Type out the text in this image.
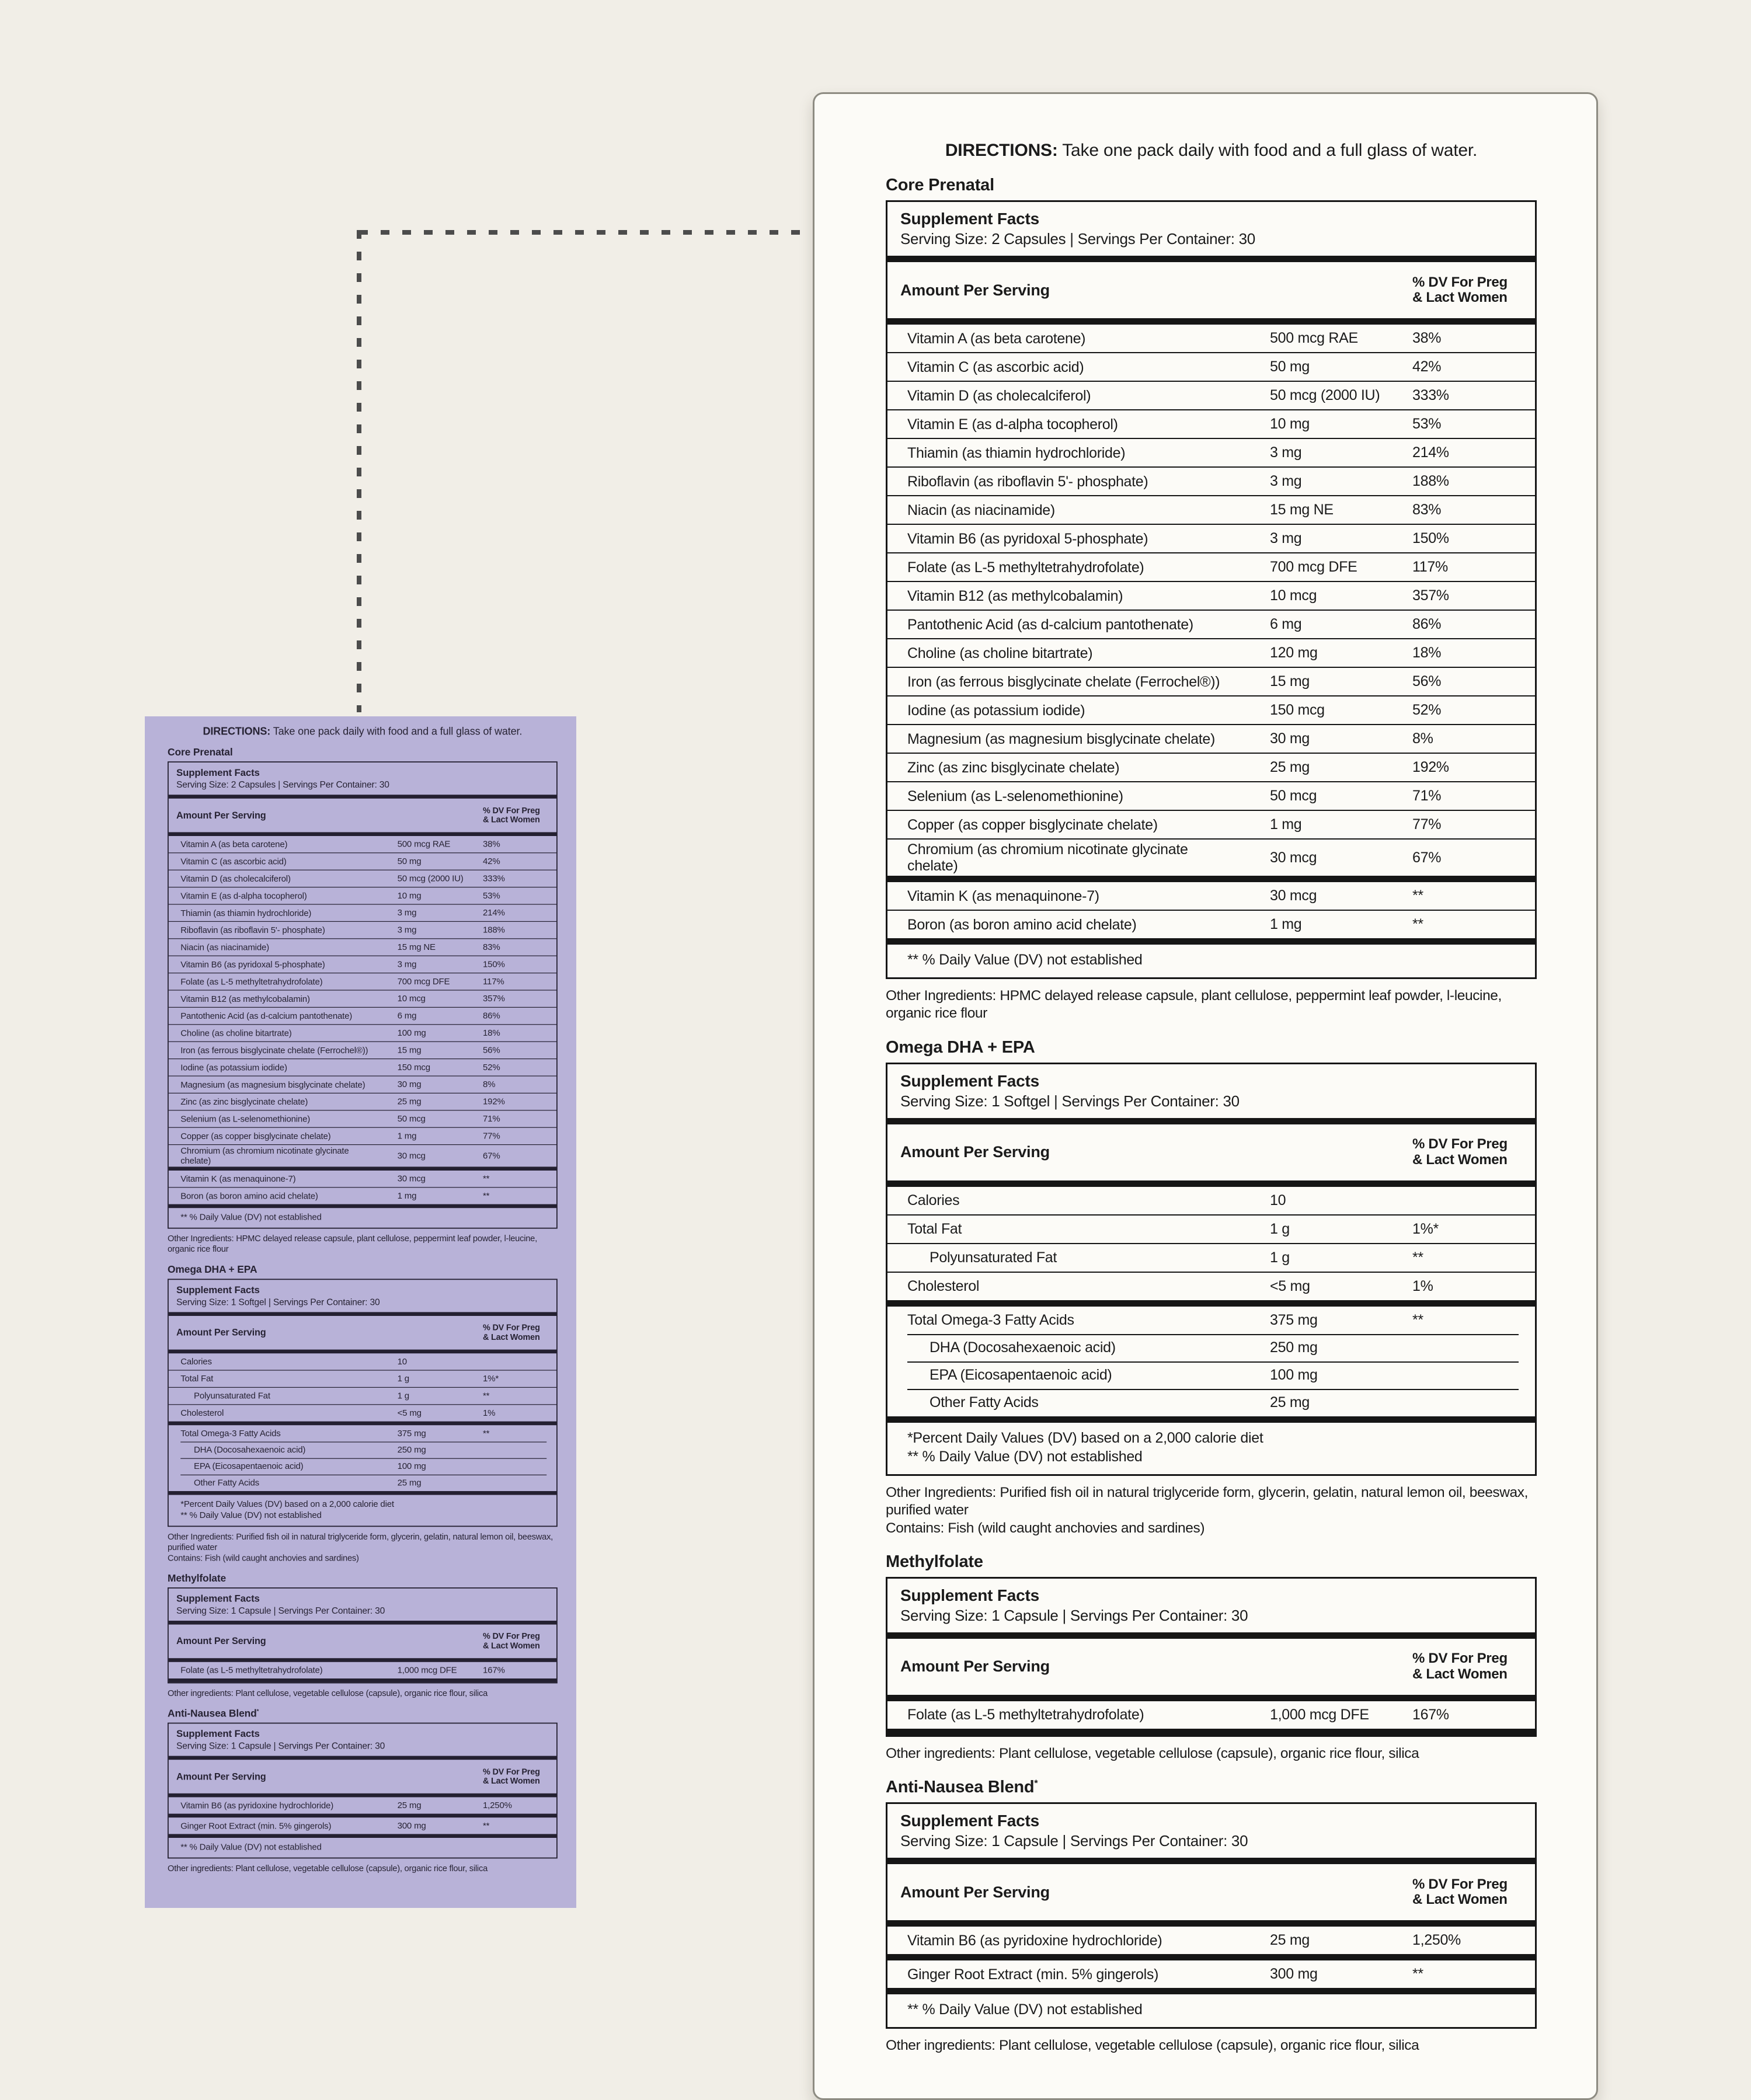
DIRECTIONS: Take one pack daily with food and a full glass of water.
Core Prenatal
Supplement Facts
Serving Size: 2 Capsules | Servings Per Container: 30
Amount Per Serving	% DV For Preg
& Lact Women
Vitamin A (as beta carotene)	500 mcg RAE	38%
Vitamin C (as ascorbic acid)	50 mg	42%
Vitamin D (as cholecalciferol)	50 mcg (2000 IU)	333%
Vitamin E (as d-alpha tocopherol)	10 mg	53%
Thiamin (as thiamin hydrochloride)	3 mg	214%
Riboflavin (as riboflavin 5'- phosphate)	3 mg	188%
Niacin (as niacinamide)	15 mg NE	83%
Vitamin B6 (as pyridoxal 5-phosphate)	3 mg	150%
Folate (as L-5 methyltetrahydrofolate)	700 mcg DFE	117%
Vitamin B12 (as methylcobalamin)	10 mcg	357%
Pantothenic Acid (as d-calcium pantothenate)	6 mg	86%
Choline (as choline bitartrate)	100 mg	18%
Iron (as ferrous bisglycinate chelate (Ferrochel®))	15 mg	56%
Iodine (as potassium iodide)	150 mcg	52%
Magnesium (as magnesium bisglycinate chelate)	30 mg	8%
Zinc (as zinc bisglycinate chelate)	25 mg	192%
Selenium (as L-selenomethionine)	50 mcg	71%
Copper (as copper bisglycinate chelate)	1 mg	77%
Chromium (as chromium nicotinate glycinate
chelate)
30 mcg	67%
Vitamin K (as menaquinone-7)	30 mcg	**
Boron (as boron amino acid chelate)	1 mg	**
** % Daily Value (DV) not established
Other Ingredients: HPMC delayed release capsule, plant cellulose, peppermint leaf powder, l-leucine, organic rice flour
Omega DHA + EPA
Supplement Facts
Serving Size: 1 Softgel | Servings Per Container: 30
Amount Per Serving	% DV For Preg
& Lact Women
Calories	10
Total Fat	1 g	1%*
Polyunsaturated Fat	1 g	**
Cholesterol	<5 mg	1%
Total Omega-3 Fatty Acids	375 mg	**
DHA (Docosahexaenoic acid)	250 mg
EPA (Eicosapentaenoic acid)	100 mg
Other Fatty Acids	25 mg
*Percent Daily Values (DV) based on a 2,000 calorie diet
** % Daily Value (DV) not established
Other Ingredients: Purified fish oil in natural triglyceride form, glycerin, gelatin, natural lemon oil, beeswax, purified water
Contains: Fish (wild caught anchovies and sardines)
Methylfolate
Supplement Facts
Serving Size: 1 Capsule | Servings Per Container: 30
Amount Per Serving	% DV For Preg
& Lact Women
Folate (as L-5 methyltetrahydrofolate)	1,000 mcg DFE	167%
Other ingredients: Plant cellulose, vegetable cellulose (capsule), organic rice flour, silica
Anti-Nausea Blend*
Supplement Facts
Serving Size: 1 Capsule | Servings Per Container: 30
Amount Per Serving	% DV For Preg
& Lact Women
Vitamin B6 (as pyridoxine hydrochloride)	25 mg	1,250%
Ginger Root Extract (min. 5% gingerols)	300 mg	**
** % Daily Value (DV) not established
Other ingredients: Plant cellulose, vegetable cellulose (capsule), organic rice flour, silica
DIRECTIONS: Take one pack daily with food and a full glass of water.
Core Prenatal
Supplement Facts
Serving Size: 2 Capsules | Servings Per Container: 30
Amount Per Serving	% DV For Preg
& Lact Women
Vitamin A (as beta carotene)	500 mcg RAE	38%
Vitamin C (as ascorbic acid)	50 mg	42%
Vitamin D (as cholecalciferol)	50 mcg (2000 IU)	333%
Vitamin E (as d-alpha tocopherol)	10 mg	53%
Thiamin (as thiamin hydrochloride)	3 mg	214%
Riboflavin (as riboflavin 5'- phosphate)	3 mg	188%
Niacin (as niacinamide)	15 mg NE	83%
Vitamin B6 (as pyridoxal 5-phosphate)	3 mg	150%
Folate (as L-5 methyltetrahydrofolate)	700 mcg DFE	117%
Vitamin B12 (as methylcobalamin)	10 mcg	357%
Pantothenic Acid (as d-calcium pantothenate)	6 mg	86%
Choline (as choline bitartrate)	120 mg	18%
Iron (as ferrous bisglycinate chelate (Ferrochel®))	15 mg	56%
Iodine (as potassium iodide)	150 mcg	52%
Magnesium (as magnesium bisglycinate chelate)	30 mg	8%
Zinc (as zinc bisglycinate chelate)	25 mg	192%
Selenium (as L-selenomethionine)	50 mcg	71%
Copper (as copper bisglycinate chelate)	1 mg	77%
Chromium (as chromium nicotinate glycinate
chelate)
30 mcg	67%
Vitamin K (as menaquinone-7)	30 mcg	**
Boron (as boron amino acid chelate)	1 mg	**
** % Daily Value (DV) not established
Other Ingredients: HPMC delayed release capsule, plant cellulose, peppermint leaf powder, l-leucine, organic rice flour
Omega DHA + EPA
Supplement Facts
Serving Size: 1 Softgel | Servings Per Container: 30
Amount Per Serving	% DV For Preg
& Lact Women
Calories	10
Total Fat	1 g	1%*
Polyunsaturated Fat	1 g	**
Cholesterol	<5 mg	1%
Total Omega-3 Fatty Acids	375 mg	**
DHA (Docosahexaenoic acid)	250 mg
EPA (Eicosapentaenoic acid)	100 mg
Other Fatty Acids	25 mg
*Percent Daily Values (DV) based on a 2,000 calorie diet
** % Daily Value (DV) not established
Other Ingredients: Purified fish oil in natural triglyceride form, glycerin, gelatin, natural lemon oil, beeswax, purified water
Contains: Fish (wild caught anchovies and sardines)
Methylfolate
Supplement Facts
Serving Size: 1 Capsule | Servings Per Container: 30
Amount Per Serving	% DV For Preg
& Lact Women
Folate (as L-5 methyltetrahydrofolate)	1,000 mcg DFE	167%
Other ingredients: Plant cellulose, vegetable cellulose (capsule), organic rice flour, silica
Anti-Nausea Blend*
Supplement Facts
Serving Size: 1 Capsule | Servings Per Container: 30
Amount Per Serving	% DV For Preg
& Lact Women
Vitamin B6 (as pyridoxine hydrochloride)	25 mg	1,250%
Ginger Root Extract (min. 5% gingerols)	300 mg	**
** % Daily Value (DV) not established
Other ingredients: Plant cellulose, vegetable cellulose (capsule), organic rice flour, silica
